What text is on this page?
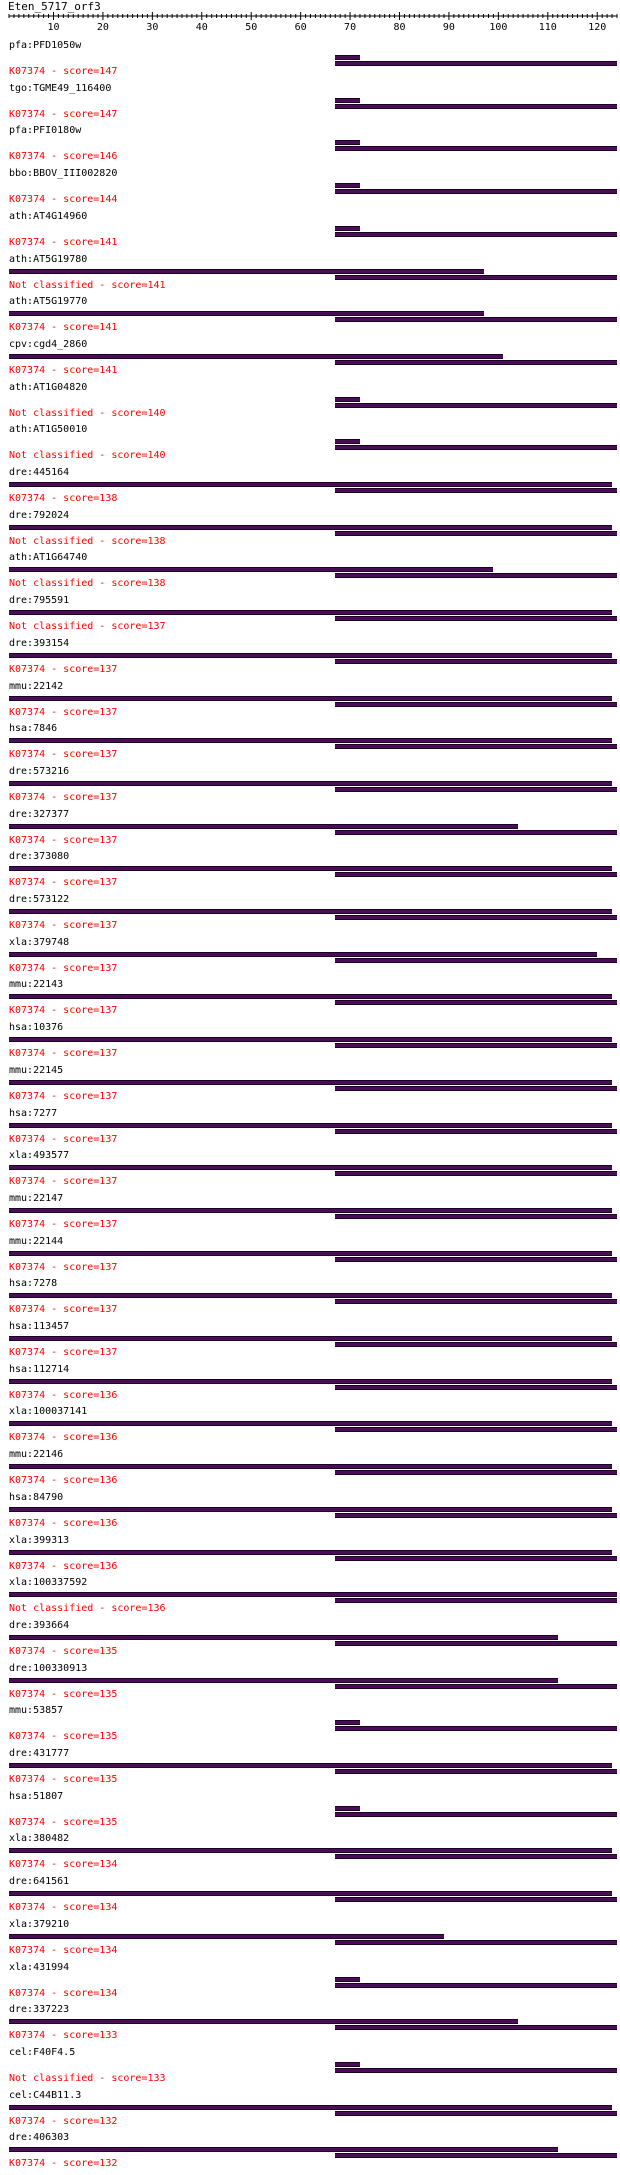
Eten_5717_orf3
10	20	30	40	50	60	70	80	90	100	110	120
pfa:PFD1050w
K07374 - score=147
tgo:TGME49_116400
K07374 - score=147
pfa:PFI0180w
K07374 - score=146
bbo:BBOV_III002820
K07374 - score=144
ath:AT4G14960
K07374 - score=141
ath:AT5G19780
Not classified - score=141
ath:AT5G19770
K07374 - score=141
cpv:cgd4_2860
K07374 - score=141
ath:AT1G04820
Not classified - score=140
ath:AT1G50010
Not classified - score=140
dre:445164
K07374 - score=138
dre:792024
Not classified - score=138
ath:AT1G64740
Not classified - score=138
dre:795591
Not classified - score=137
dre:393154
K07374 - score=137
mmu:22142
K07374 - score=137
hsa:7846
K07374 - score=137
dre:573216
K07374 - score=137
dre:327377
K07374 - score=137
dre:373080
K07374 - score=137
dre:573122
K07374 - score=137
xla:379748
K07374 - score=137
mmu:22143
K07374 - score=137
hsa:10376
K07374 - score=137
mmu:22145
K07374 - score=137
hsa:7277
K07374 - score=137
xla:493577
K07374 - score=137
mmu:22147
K07374 - score=137
mmu:22144
K07374 - score=137
hsa:7278
K07374 - score=137
hsa:113457
K07374 - score=137
hsa:112714
K07374 - score=136
xla:100037141
K07374 - score=136
mmu:22146
K07374 - score=136
hsa:84790
K07374 - score=136
xla:399313
K07374 - score=136
xla:100337592
Not classified - score=136
dre:393664
K07374 - score=135
dre:100330913
K07374 - score=135
mmu:53857
K07374 - score=135
dre:431777
K07374 - score=135
hsa:51807
K07374 - score=135
xla:380482
K07374 - score=134
dre:641561
K07374 - score=134
xla:379210
K07374 - score=134
xla:431994
K07374 - score=134
dre:337223
K07374 - score=133
cel:F40F4.5
Not classified - score=133
cel:C44B11.3
K07374 - score=132
dre:406303
K07374 - score=132
